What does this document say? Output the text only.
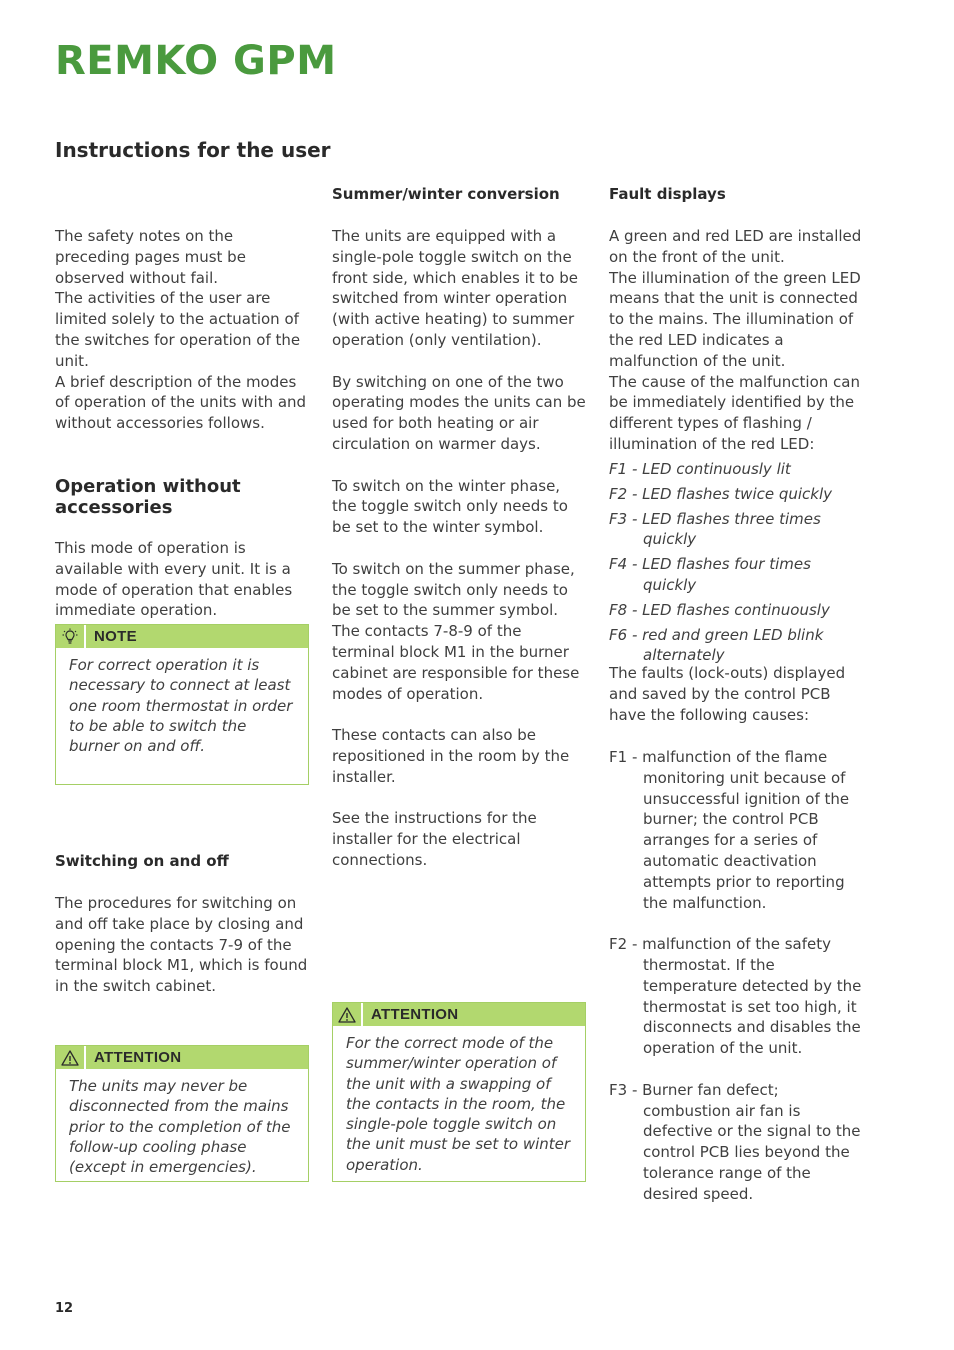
REMKO GPM
Instructions for the user

The safety notes on the preceding pages must be observed without fail.

The activities of the user are limited solely to the actuation of the switches for operation of the unit.

A brief description of the modes of operation of the units with and without accessories follows.

Operation without accessories

This mode of operation is available with every unit. It is a mode of operation that enables immediate operation.

NOTE
For correct operation it is necessary to connect at least one room thermostat in order to be able to switch the burner on and off.
Switching on and off

The procedures for switching on and off take place by closing and opening the contacts 7-9 of the terminal block M1, which is found in the switch cabinet.

ATTENTION
The units may never be disconnected from the mains prior to the completion of the follow-up cooling phase (except in emergencies).
Summer/winter conversion

The units are equipped with a single-pole toggle switch on the front side, which enables it to be switched from winter operation (with active heating) to summer operation (only ventilation).

By switching on one of the two operating modes the units can be used for both heating or air circulation on warmer days.

To switch on the winter phase, the toggle switch only needs to be set to the winter symbol.

To switch on the summer phase, the toggle switch only needs to be set to the summer symbol.

The contacts 7-8-9 of the terminal block M1 in the burner cabinet are responsible for these modes of operation.

These contacts can also be repositioned in the room by the installer.

See the instructions for the installer for the electrical connections.

ATTENTION
For the correct mode of the summer/winter operation of the unit with a swapping of the contacts in the room, the single-pole toggle switch on the unit must be set to winter operation.
Fault displays

A green and red LED are installed on the front of the unit.

The illumination of the green LED means that the unit is connected to the mains. The illumination of the red LED indicates a malfunction of the unit.

The cause of the malfunction can be immediately identified by the different types of flashing / illumination of the red LED:

F1 - LED continuously lit

F2 - LED flashes twice quickly

F3 - LED flashes three times quickly

F4 - LED flashes four times quickly

F8 - LED flashes continuously

F6 - red and green LED blink alternately

The faults (lock-outs) displayed and saved by the control PCB have the following causes:

F1 - malfunction of the flame monitoring unit because of unsuccessful ignition of the burner; the control PCB arranges for a series of automatic deactivation attempts prior to reporting the malfunction.

F2 - malfunction of the safety thermostat. If the temperature detected by the thermostat is set too high, it disconnects and disables the operation of the unit.

F3 - Burner fan defect; combustion air fan is defective or the signal to the control PCB lies beyond the tolerance range of the desired speed.

12
